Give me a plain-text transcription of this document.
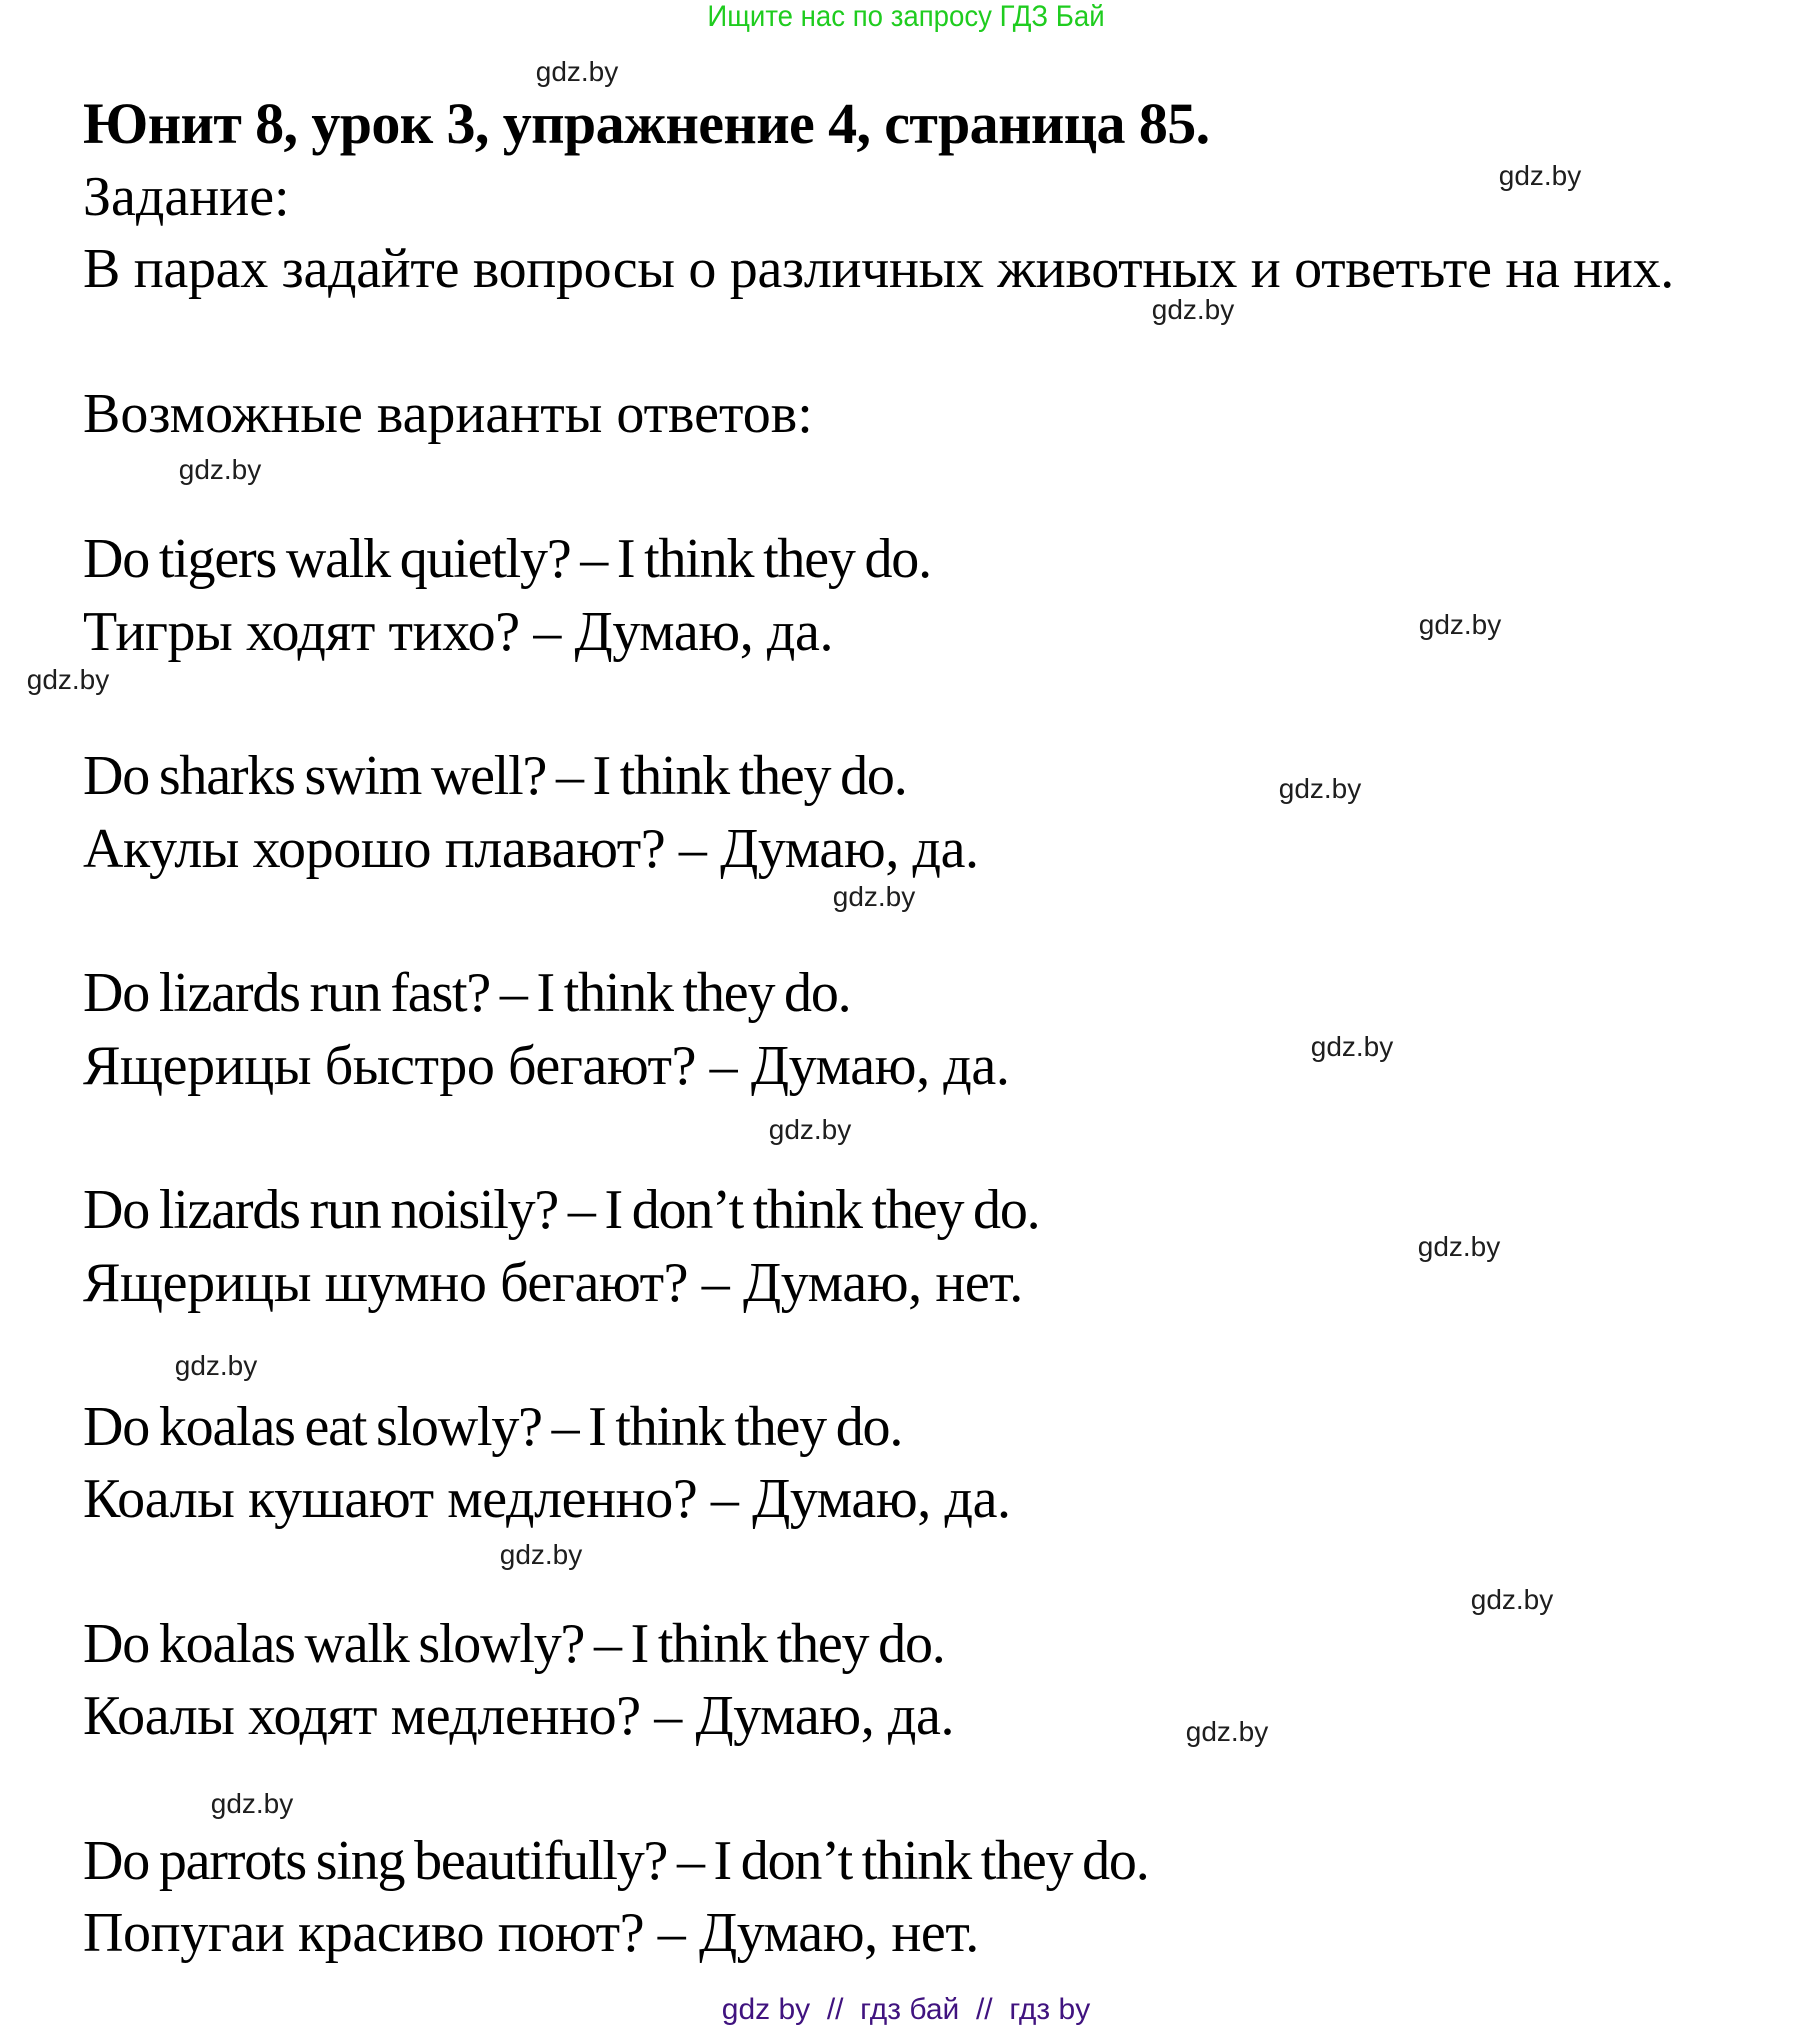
Ищите нас по запросу ГДЗ Бай
Юнит 8, урок 3, упражнение 4, страница 85.
Задание:
В парах задайте вопросы о различных животных и ответьте на них.
Возможные варианты ответов:
Do tigers walk quietly? – I think they do.
Тигры ходят тихо? – Думаю, да.
Do sharks swim well? – I think they do.
Акулы хорошо плавают? – Думаю, да.
Do lizards run fast? – I think they do.
Ящерицы быстро бегают? – Думаю, да.
Do lizards run noisily? – I don’t think they do.
Ящерицы шумно бегают? – Думаю, нет.
Do koalas eat slowly? – I think they do.
Коалы кушают медленно? – Думаю, да.
Do koalas walk slowly? – I think they do.
Коалы ходят медленно? – Думаю, да.
Do parrots sing beautifully? – I don’t think they do.
Попугаи красиво поют? – Думаю, нет.
gdz.by
gdz.by
gdz.by
gdz.by
gdz.by
gdz.by
gdz.by
gdz.by
gdz.by
gdz.by
gdz.by
gdz.by
gdz.by
gdz.by
gdz.by
gdz.by
gdz by  //  гдз бай  //  гдз by
